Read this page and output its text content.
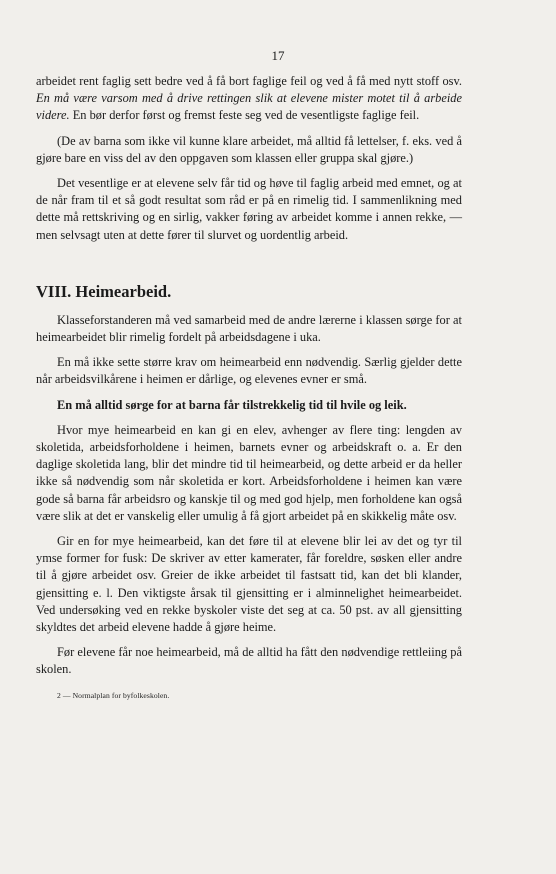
17

arbeidet rent faglig sett bedre ved å få bort faglige feil og ved å få med nytt stoff osv. En må være varsom med å drive rettingen slik at elevene mister motet til å arbeide videre. En bør derfor først og fremst feste seg ved de vesentligste faglige feil.

(De av barna som ikke vil kunne klare arbeidet, må alltid få lettelser, f. eks. ved å gjøre bare en viss del av den oppgaven som klassen eller gruppa skal gjøre.)

Det vesentlige er at elevene selv får tid og høve til faglig arbeid med emnet, og at de når fram til et så godt resultat som råd er på en rimelig tid. I sammenlikning med dette må rettskriving og en sirlig, vakker føring av arbeidet komme i annen rekke, — men selvsagt uten at dette fører til slurvet og uordentlig arbeid.

VIII. Heimearbeid.

Klasseforstanderen må ved samarbeid med de andre lærerne i klassen sørge for at heimearbeidet blir rimelig fordelt på arbeidsdagene i uka.

En må ikke sette større krav om heimearbeid enn nødvendig. Særlig gjelder dette når arbeidsvilkårene i heimen er dårlige, og elevenes evner er små.

En må alltid sørge for at barna får tilstrekkelig tid til hvile og leik.

Hvor mye heimearbeid en kan gi en elev, avhenger av flere ting: lengden av skoletida, arbeidsforholdene i heimen, barnets evner og arbeidskraft o. a. Er den daglige skoletida lang, blir det mindre tid til heimearbeid, og dette arbeid er da heller ikke så nødvendig som når skoletida er kort. Arbeidsforholdene i heimen kan være gode så barna får arbeidsro og kanskje til og med god hjelp, men forholdene kan også være slik at det er vanskelig eller umulig å få gjort arbeidet på en skikkelig måte osv.

Gir en for mye heimearbeid, kan det føre til at elevene blir lei av det og tyr til ymse former for fusk: De skriver av etter kamerater, får foreldre, søsken eller andre til å gjøre arbeidet osv. Greier de ikke arbeidet til fastsatt tid, kan det bli klander, gjensitting e. l. Den viktigste årsak til gjensitting er i alminnelighet heimearbeidet. Ved undersøking ved en rekke byskoler viste det seg at ca. 50 pst. av all gjensitting skyldtes det arbeid elevene hadde å gjøre heime.

Før elevene får noe heimearbeid, må de alltid ha fått den nødvendige rettleiing på skolen.

2 — Normalplan for byfolkeskolen.
